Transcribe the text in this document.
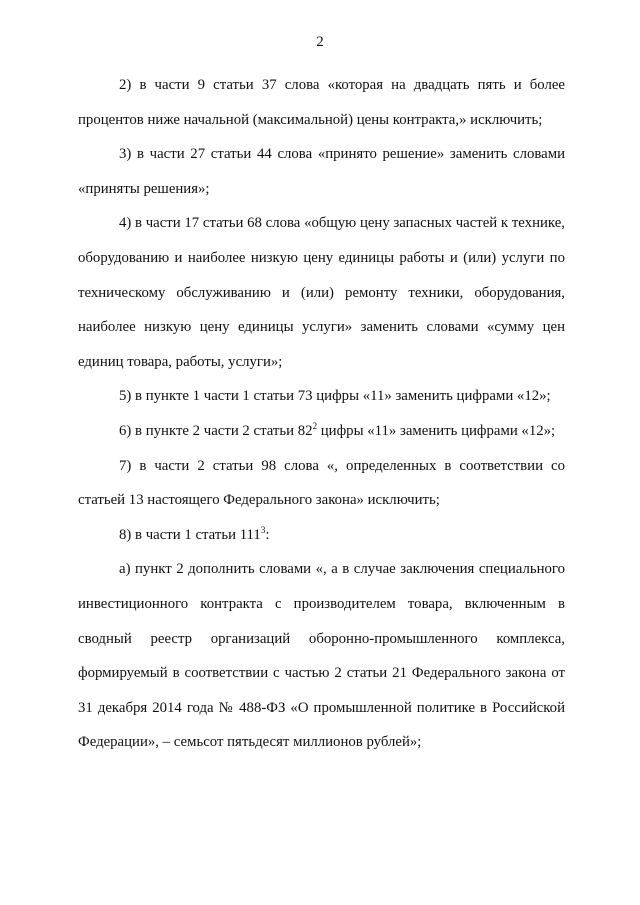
2

2) в части 9 статьи 37 слова «которая на двадцать пять и более процентов ниже начальной (максимальной) цены контракта,» исключить;

3) в части 27 статьи 44 слова «принято решение» заменить словами «приняты решения»;

4) в части 17 статьи 68 слова «общую цену запасных частей к технике, оборудованию и наиболее низкую цену единицы работы и (или) услуги по техническому обслуживанию и (или) ремонту техники, оборудования, наиболее низкую цену единицы услуги» заменить словами «сумму цен единиц товара, работы, услуги»;

5) в пункте 1 части 1 статьи 73 цифры «11» заменить цифрами «12»;

6) в пункте 2 части 2 статьи $82^2$ цифры «11» заменить цифрами «12»;

7) в части 2 статьи 98 слова «, определенных в соответствии со статьей 13 настоящего Федерального закона» исключить;

8) в части 1 статьи $111^3$:

а) пункт 2 дополнить словами «, а в случае заключения специального инвестиционного контракта с производителем товара, включенным в сводный реестр организаций оборонно-промышленного комплекса, формируемый в соответствии с частью 2 статьи 21 Федерального закона от 31 декабря 2014 года № 488-ФЗ «О промышленной политике в Российской Федерации», – семьсот пятьдесят миллионов рублей»;
